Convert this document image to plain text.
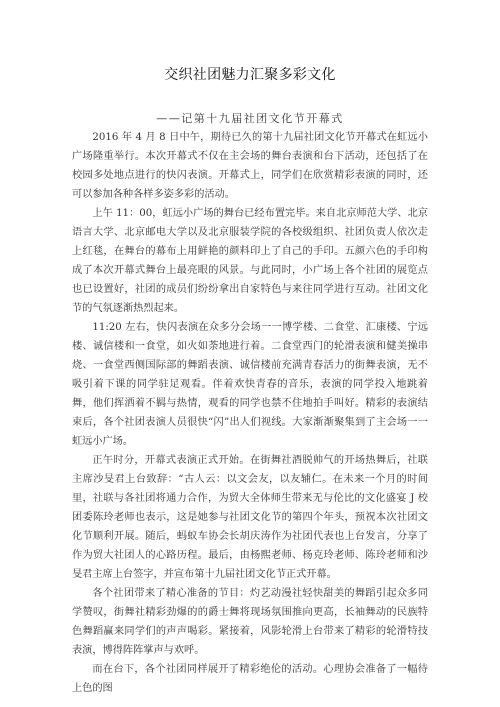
交织社团魅力汇聚多彩文化
——记第十九届社团文化节开幕式

2016 年 4 月 8 日中午，期待已久的第十九届社团文化节开幕式在虹远小广场隆重举行。本次开幕式不仅在主会场的舞台表演和台下活动，还包括了在校园多处地点进行的快闪表演。开幕式上，同学们在欣赏精彩表演的同时，还可以参加各种各样多姿多彩的活动。

上午 11：00，虹远小广场的舞台已经布置完毕。来自北京师范大学、北京语言大学、北京邮电大学以及北京服装学院的各校级组织、社团负责人依次走上红毯，在舞台的幕布上用鲜艳的颜料印上了自己的手印。五颜六色的手印构成了本次开幕式舞台上最亮眼的风景。与此同时，小广场上各个社团的展览点也已设置好，社团的成员们纷纷拿出自家特色与来往同学进行互动。社团文化节的气氛逐渐热烈起来。

11:20 左右，快闪表演在众多分会场一一博学楼、二食堂、汇康楼、宁远楼、诚信楼和一食堂，如火如荼地进行着。二食堂西门的轮滑表演和健美操串烧、一食堂西侧国际部的舞蹈表演、诚信楼前充满青春活力的街舞表演，无不吸引着下课的同学驻足观看。伴着欢快青春的音乐，表演的同学投入地跳着舞，他们挥洒着不羁与热情，观看的同学也禁不住地拍手叫好。精彩的表演结束后，各个社团表演人员很快“闪”出人们视线。大家渐渐聚集到了主会场一一虹远小广场。

正午时分，开幕式表演正式开始。在街舞社酒脱帅气的开场热舞后，社联主席沙旻君上台致辞：“古人云：以文会友，以友辅仁。在未来一个月的时间里，社联与各社团将通力合作，为贸大全体师生带来无与伦比的文化盛宴 J 校团委陈玲老师也表示，这是她参与社团文化节的第四个年头，预祝本次社团文化节顺利开展。随后，蚂蚁车协会长胡庆涛作为社团代表也上台发言，分享了作为贸大社团人的心路历程。最后，由杨熙老师、杨克玲老师、陈玲老师和沙旻君主席上台签字，并宣布第十九届社团文化节正式开幕。

各个社团带来了精心准备的节目：灼艺动漫社轻快甜美的舞蹈引起众多同学赞叹，街舞社精彩劲爆的的爵士舞将现场氛围推向更高，长袖舞动的民族特色舞蹈赢来同学们的声声喝彩。紧接着，风影轮滑上台带来了精彩的轮滑特技表演，博得阵阵掌声与欢呼。

而在台下，各个社团同样展开了精彩绝伦的活动。心理协会准备了一幅待上色的图
